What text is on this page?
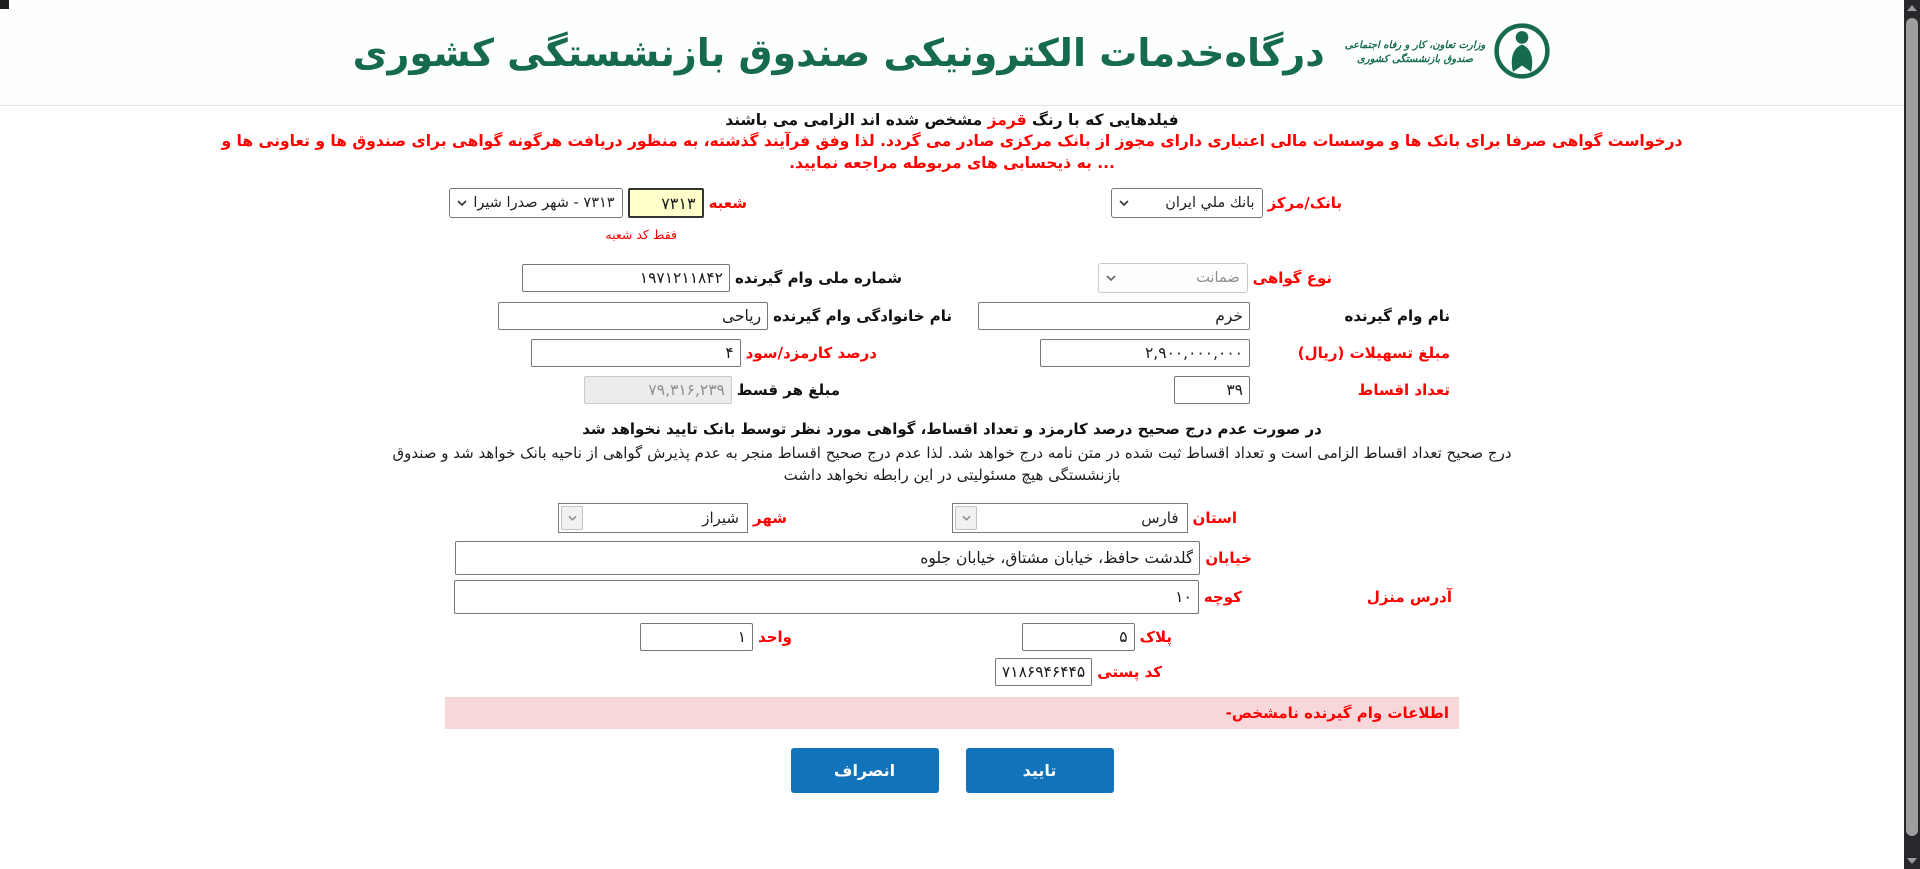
درگاه‌خدمات الکترونیکی صندوق بازنشستگی کشوری وزارت تعاون، کار و رفاه اجتماعی
صندوق بازنشستگی کشوری
فیلدهایی که با رنگ قرمز مشخص شده اند الزامی می باشند
درخواست گواهی صرفا برای بانک ها و موسسات مالی اعتباری دارای مجوز از بانک مرکزی صادر می گردد. لذا وفق فرآیند گذشته، به منظور دریافت هرگونه گواهی برای صندوق ها و تعاونی ها و ... به ذیحسابی های مربوطه مراجعه نمایید.
بانک/مرکز
بانك ملي ايران
شعبه
۷۳۱۳
۷۳۱۳ - شهر صدرا شیرا
فقط کد شعبه
نوع گواهی
ضمانت
شماره ملی وام گیرنده
۱۹۷۱۲۱۱۸۴۲
نام وام گیرنده
خرم
نام خانوادگی وام گیرنده
ریاحی
مبلغ تسهیلات (ریال)
۲,۹۰۰,۰۰۰,۰۰۰
درصد کارمزد/سود
۴
تعداد اقساط
۳۹
مبلغ هر قسط
۷۹,۳۱۶,۲۳۹
در صورت عدم درج صحیح درصد کارمزد و تعداد اقساط، گواهی مورد نظر توسط بانک تایید نخواهد شد
درج صحیح تعداد اقساط الزامی است و تعداد اقساط ثبت شده در متن نامه درج خواهد شد. لذا عدم درج صحیح اقساط منجر به عدم پذیرش گواهی از ناحیه بانک خواهد شد و صندوق بازنشستگی هیچ مسئولیتی در این رابطه نخواهد داشت
استان
فارس
شهر
شیراز
خیابان
گلدشت حافظ، خیابان مشتاق، خیابان جلوه
آدرس منزل
کوچه
۱۰
پلاک
۵
واحد
۱
کد پستی
۷۱۸۶۹۴۶۴۴۵
اطلاعات وام گیرنده نامشخص-
تایید
انصراف
